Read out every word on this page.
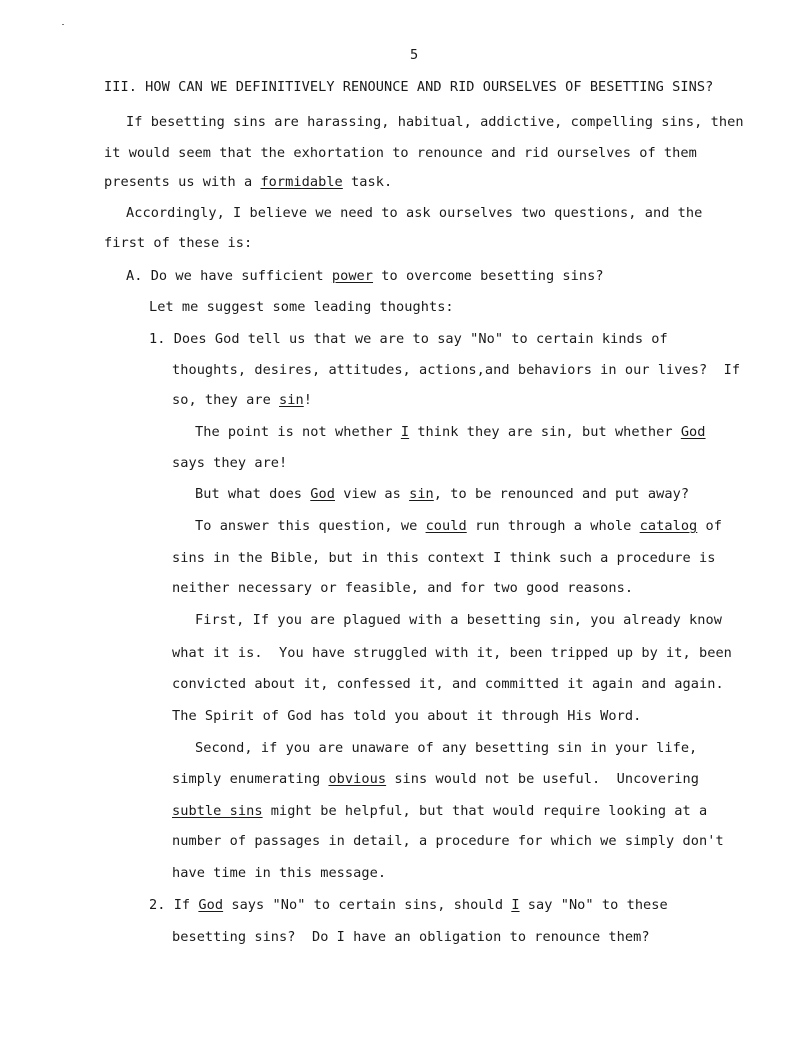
5
III. HOW CAN WE DEFINITIVELY RENOUNCE AND RID OURSELVES OF BESETTING SINS?
If besetting sins are harassing, habitual, addictive, compelling sins, then
it would seem that the exhortation to renounce and rid ourselves of them
presents us with a formidable task.
Accordingly, I believe we need to ask ourselves two questions, and the
first of these is:
A. Do we have sufficient power to overcome besetting sins?
Let me suggest some leading thoughts:
1. Does God tell us that we are to say "No" to certain kinds of
thoughts, desires, attitudes, actions,and behaviors in our lives?  If
so, they are sin!
The point is not whether I think they are sin, but whether God
says they are!
But what does God view as sin, to be renounced and put away?
To answer this question, we could run through a whole catalog of
sins in the Bible, but in this context I think such a procedure is
neither necessary or feasible, and for two good reasons.
First, If you are plagued with a besetting sin, you already know
what it is.  You have struggled with it, been tripped up by it, been
convicted about it, confessed it, and committed it again and again.
The Spirit of God has told you about it through His Word.
Second, if you are unaware of any besetting sin in your life,
simply enumerating obvious sins would not be useful.  Uncovering
subtle sins might be helpful, but that would require looking at a
number of passages in detail, a procedure for which we simply don't
have time in this message.
2. If God says "No" to certain sins, should I say "No" to these
besetting sins?  Do I have an obligation to renounce them?
